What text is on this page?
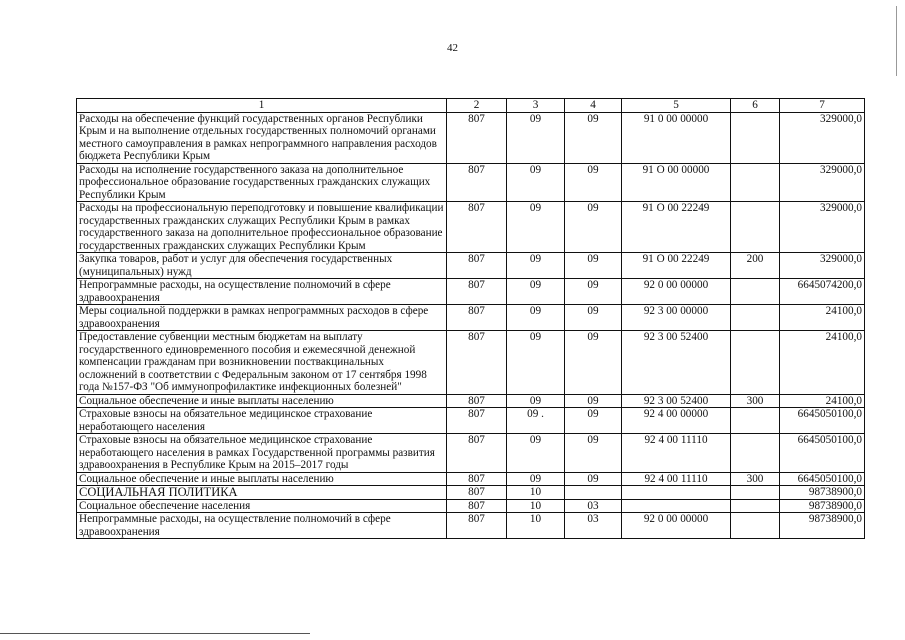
42
1	2	3	4	5	6	7
Расходы на обеспечение функций государственных органов Республики Крым и на выполнение отдельных государственных полномочий органами местного самоуправления в рамках непрограммного направления расходов бюджета Республики Крым	807	09	09	91 0 00 00000		329000,0
Расходы на исполнение государственного заказа на дополнительное профессиональное образование государственных гражданских служащих Республики Крым	807	09	09	91 О 00 00000		329000,0
Расходы на профессиональную переподготовку и повышение квалификации государственных гражданских служащих Республики Крым в рамках государственного заказа на дополнительное профессиональное образование государственных гражданских служащих Республики Крым	807	09	09	91 О 00 22249		329000,0
Закупка товаров, работ и услуг для обеспечения государственных (муниципальных) нужд	807	09	09	91 О 00 22249	200	329000,0
Непрограммные расходы, на осуществление полномочий в сфере здравоохранения	807	09	09	92 0 00 00000		6645074200,0
Меры социальной поддержки в рамках непрограммных расходов в сфере здравоохранения	807	09	09	92 3 00 00000		24100,0
Предоставление субвенции местным бюджетам на выплату государственного единовременного пособия и ежемесячной денежной компенсации гражданам при возникновении поствакцинальных осложнений в соответствии с Федеральным законом от 17 сентября 1998 года №157-ФЗ "Об иммунопрофилактике инфекционных болезней"	807	09	09	92 3 00 52400		24100,0
Социальное обеспечение и иные выплаты населению	807	09	09	92 3 00 52400	300	24100,0
Страховые взносы на обязательное медицинское страхование неработающего населения	807	09 .	09	92 4 00 00000		6645050100,0
Страховые взносы на обязательное медицинское страхование неработающего населения в рамках Государственной программы развития здравоохранения в Республике Крым на 2015–2017 годы	807	09	09	92 4 00 11110		6645050100,0
Социальное обеспечение и иные выплаты населению	807	09	09	92 4 00 11110	300	6645050100,0
СОЦИАЛЬНАЯ ПОЛИТИКА	807	10				98738900,0
Социальное обеспечение населения	807	10	03			98738900,0
Непрограммные расходы, на осуществление полномочий в сфере здравоохранения	807	10	03	92 0 00 00000		98738900,0
